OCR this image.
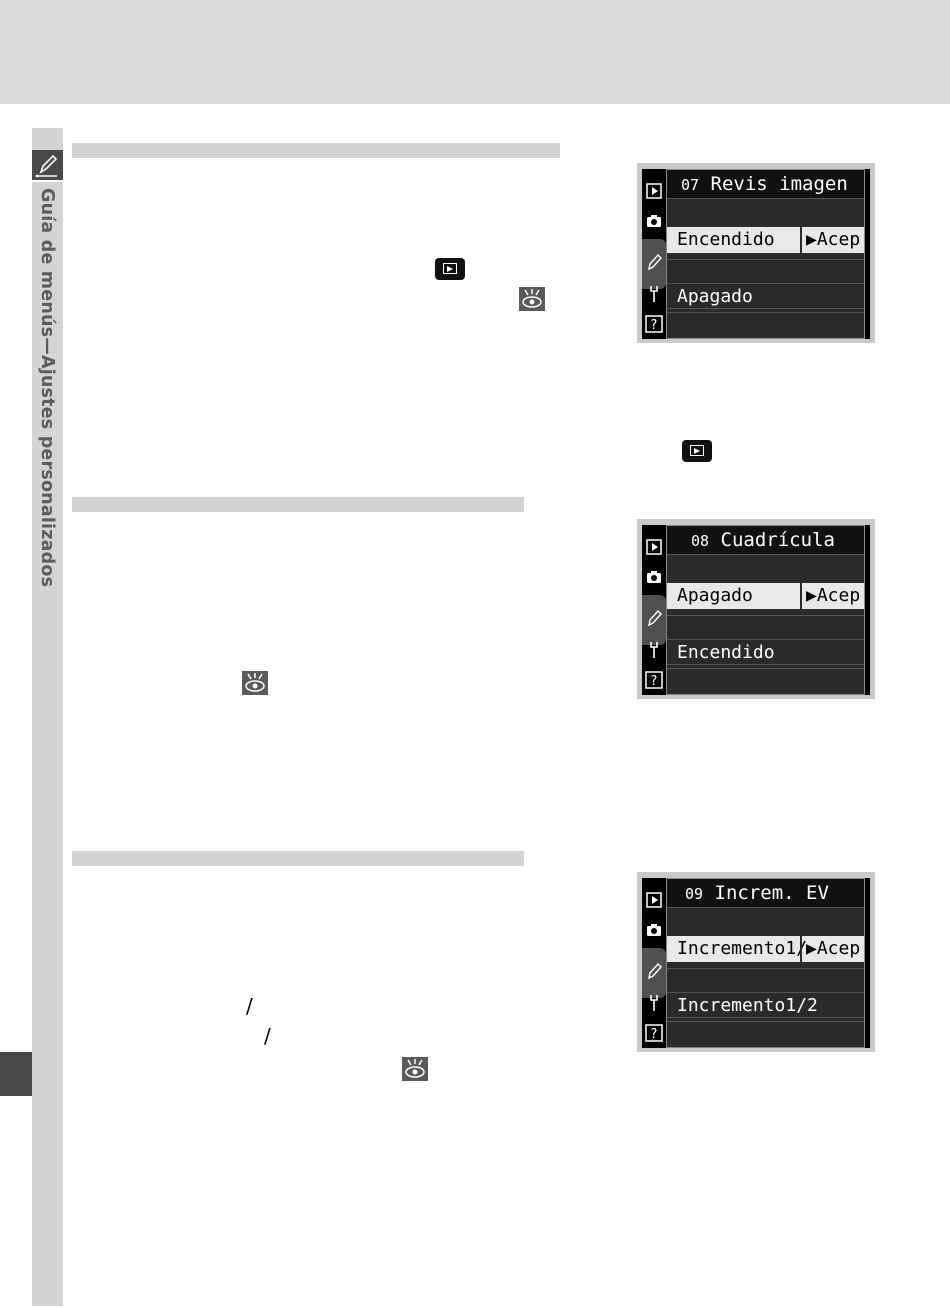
Guía de menús—Ajustes personalizados
/
/
?
07 Revis imagen
Encendido	▶Acep
Apagado
?
08 Cuadrícula
Apagado	▶Acep
Encendido
?
09 Increm. EV
Incremento1/
▶Acep
Incremento1/2
